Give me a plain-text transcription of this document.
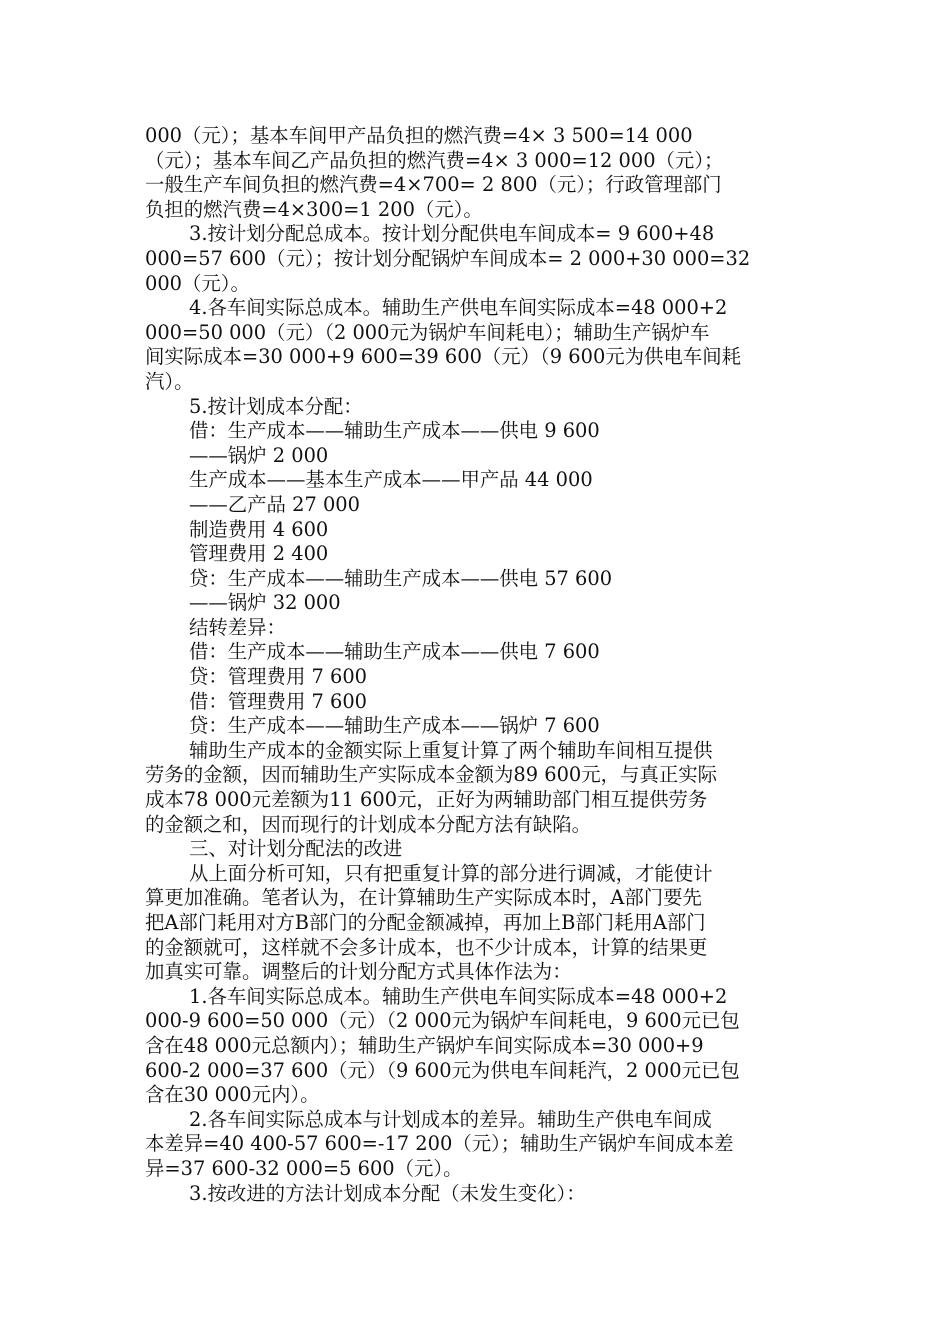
000（元）；基本车间甲产品负担的燃汽费=4× 3 500=14 000
（元）；基本车间乙产品负担的燃汽费=4× 3 000=12 000（元）；
一般生产车间负担的燃汽费=4×700= 2 800（元）；行政管理部门
负担的燃汽费=4×300=1 200（元）。
3.按计划分配总成本。按计划分配供电车间成本= 9 600+48
000=57 600（元）；按计划分配锅炉车间成本= 2 000+30 000=32
000（元）。
4.各车间实际总成本。辅助生产供电车间实际成本=48 000+2
000=50 000（元）（2 000元为锅炉车间耗电）；辅助生产锅炉车
间实际成本=30 000+9 600=39 600（元）（9 600元为供电车间耗
汽）。
5.按计划成本分配：
借：生产成本——辅助生产成本——供电 9 600
——锅炉 2 000
生产成本——基本生产成本——甲产品 44 000
——乙产品 27 000
制造费用 4 600
管理费用 2 400
贷：生产成本——辅助生产成本——供电 57 600
——锅炉 32 000
结转差异：
借：生产成本——辅助生产成本——供电 7 600
贷：管理费用 7 600
借：管理费用 7 600
贷：生产成本——辅助生产成本——锅炉 7 600
辅助生产成本的金额实际上重复计算了两个辅助车间相互提供
劳务的金额，因而辅助生产实际成本金额为89 600元，与真正实际
成本78 000元差额为11 600元，正好为两辅助部门相互提供劳务
的金额之和，因而现行的计划成本分配方法有缺陷。
三、对计划分配法的改进
从上面分析可知，只有把重复计算的部分进行调减，才能使计
算更加准确。笔者认为，在计算辅助生产实际成本时，A部门要先
把A部门耗用对方B部门的分配金额减掉，再加上B部门耗用A部门
的金额就可，这样就不会多计成本，也不少计成本，计算的结果更
加真实可靠。调整后的计划分配方式具体作法为：
1.各车间实际总成本。辅助生产供电车间实际成本=48 000+2
000-9 600=50 000（元）（2 000元为锅炉车间耗电，9 600元已包
含在48 000元总额内）；辅助生产锅炉车间实际成本=30 000+9
600-2 000=37 600（元）（9 600元为供电车间耗汽，2 000元已包
含在30 000元内）。
2.各车间实际总成本与计划成本的差异。辅助生产供电车间成
本差异=40 400-57 600=-17 200（元）；辅助生产锅炉车间成本差
异=37 600-32 000=5 600（元）。
3.按改进的方法计划成本分配（未发生变化）：
